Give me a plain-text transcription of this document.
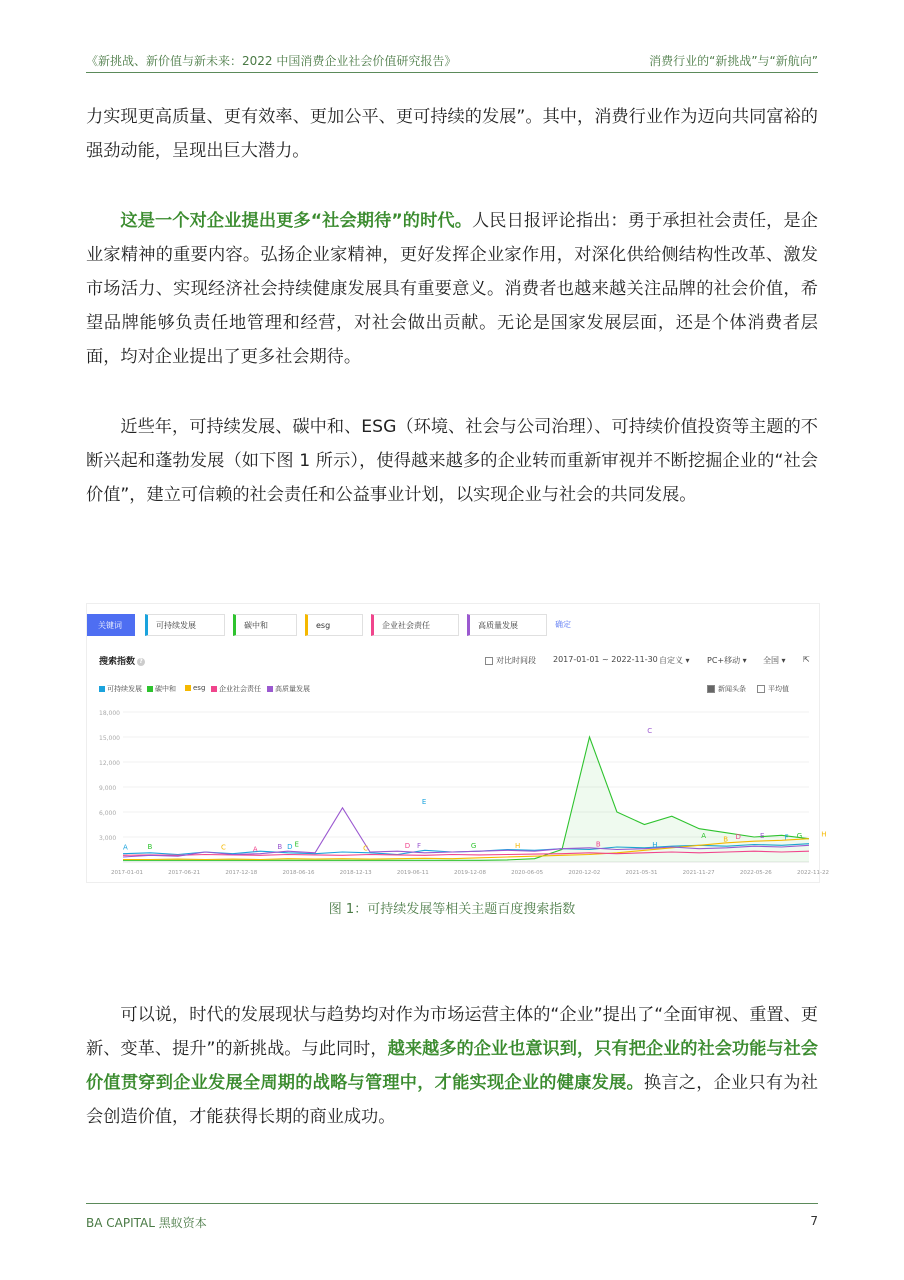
《新挑战、新价值与新未来：2022 中国消费企业社会价值研究报告》	消费行业的“新挑战”与“新航向”

力实现更高质量、更有效率、更加公平、更可持续的发展”。其中，消费行业作为迈向共同富裕的强劲动能，呈现出巨大潜力。

这是一个对企业提出更多“社会期待”的时代。人民日报评论指出：勇于承担社会责任，是企业家精神的重要内容。弘扬企业家精神，更好发挥企业家作用，对深化供给侧结构性改革、激发市场活力、实现经济社会持续健康发展具有重要意义。消费者也越来越关注品牌的社会价值，希望品牌能够负责任地管理和经营，对社会做出贡献。无论是国家发展层面，还是个体消费者层面，均对企业提出了更多社会期待。

近些年，可持续发展、碳中和、ESG（环境、社会与公司治理）、可持续价值投资等主题的不断兴起和蓬勃发展（如下图 1 所示），使得越来越多的企业转而重新审视并不断挖掘企业的“社会价值”，建立可信赖的社会责任和公益事业计划，以实现企业与社会的共同发展。

关键词	可持续发展	碳中和	esg	企业社会责任	高质量发展	确定
搜索指数 ?	对比时间段 2017-01-01 ~ 2022-11-30 自定义 ▾ PC+移动 ▾ 全国 ▾ ⇱
可持续发展	碳中和	esg	企业社会责任	高质量发展	新闻头条	平均值
18,000
15,000
12,000
9,000
6,000
3,000
2017-01-01	2017-06-21	2017-12-18	2018-06-16	2018-12-13	2019-06-11	2019-12-08	2020-06-05	2020-12-02	2021-05-31	2021-11-27	2022-05-26	2022-11-22
A	B	C	A	B D E
C	D F
E
G	H	B
C
H
A B D	E	F G	H
图 1：可持续发展等相关主题百度搜索指数

可以说，时代的发展现状与趋势均对作为市场运营主体的“企业”提出了“全面审视、重置、更新、变革、提升”的新挑战。与此同时，越来越多的企业也意识到，只有把企业的社会功能与社会价值贯穿到企业发展全周期的战略与管理中，才能实现企业的健康发展。换言之，企业只有为社会创造价值，才能获得长期的商业成功。

BA CAPITAL 黑蚁资本	7
